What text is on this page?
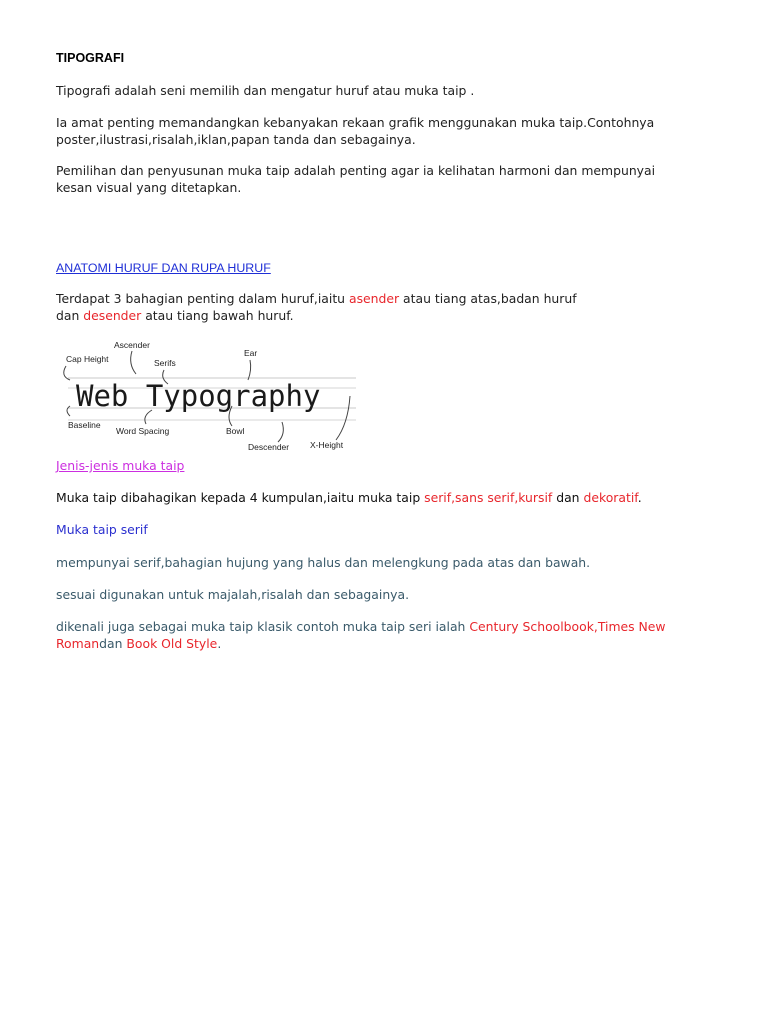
TIPOGRAFI

Tipografi adalah seni memilih dan mengatur huruf atau muka taip .

Ia amat penting memandangkan kebanyakan rekaan grafik menggunakan muka taip.Contohnya
poster,ilustrasi,risalah,iklan,papan tanda dan sebagainya.

Pemilihan dan penyusunan muka taip adalah penting agar ia kelihatan harmoni dan mempunyai
kesan visual yang ditetapkan.

ANATOMI HURUF DAN RUPA HURUF

Terdapat 3 bahagian penting dalam huruf,iaitu asender atau tiang atas,badan huruf
dan desender atau tiang bawah huruf.

Web Typography
Cap Height
Ascender
Serifs
Ear
Baseline
Word Spacing	Bowl
Descender X-Height

Jenis-jenis muka taip

Muka taip dibahagikan kepada 4 kumpulan,iaitu muka taip serif,sans serif,kursif dan dekoratif.

Muka taip serif

mempunyai serif,bahagian hujung yang halus dan melengkung pada atas dan bawah.

sesuai digunakan untuk majalah,risalah dan sebagainya.

dikenali juga sebagai muka taip klasik contoh muka taip seri ialah Century Schoolbook,Times New
Romandan Book Old Style.
